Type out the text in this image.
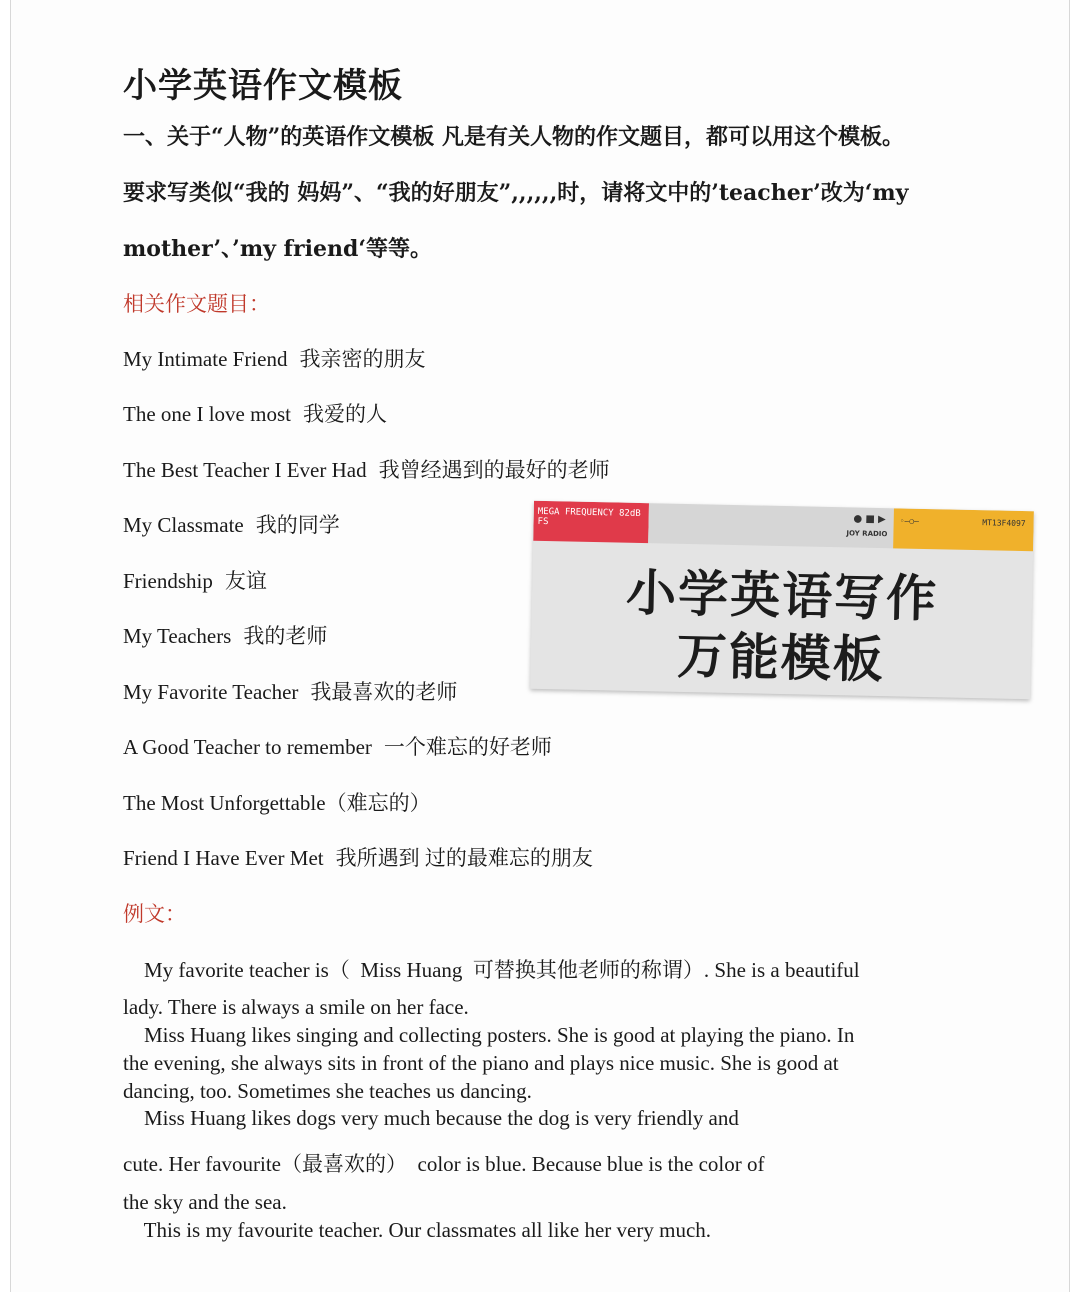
小学英语作文模板
一、关于“人物”的英语作文模板 凡是有关人物的作文题目，都可以用这个模板。
要求写类似“我的 妈妈”、“我的好朋友”,,,,,,时，请将文中的’teacher’改为‘my
mother’、’my friend‘等等。
相关作文题目：
My Intimate Friend 我亲密的朋友
The one I love most 我爱的人
The Best Teacher I Ever Had 我曾经遇到的最好的老师
My Classmate 我的同学
Friendship 友谊
My Teachers 我的老师
My Favorite Teacher 我最喜欢的老师
A Good Teacher to remember 一个难忘的好老师
The Most Unforgettable（难忘的）
Friend I Have Ever Met 我所遇到 过的最难忘的朋友
例文：
My favorite teacher is（  Miss Huang  可替换其他老师的称谓）. She is a beautiful
lady. There is always a smile on her face.
Miss Huang likes singing and collecting posters. She is good at playing the piano. In
the evening, she always sits in front of the piano and plays nice music. She is good at
dancing, too. Sometimes she teaches us dancing.
Miss Huang likes dogs very much because the dog is very friendly and
cute. Her favourite（最喜欢的）  color is blue. Because blue is the color of
the sky and the sea.
This is my favourite teacher. Our classmates all like her very much.
MEGA FREQUENCY 82dB FS	● ■ ▶
JOY RADIO
◦—○—	MT13F4097
小学英语写作
万能模板
